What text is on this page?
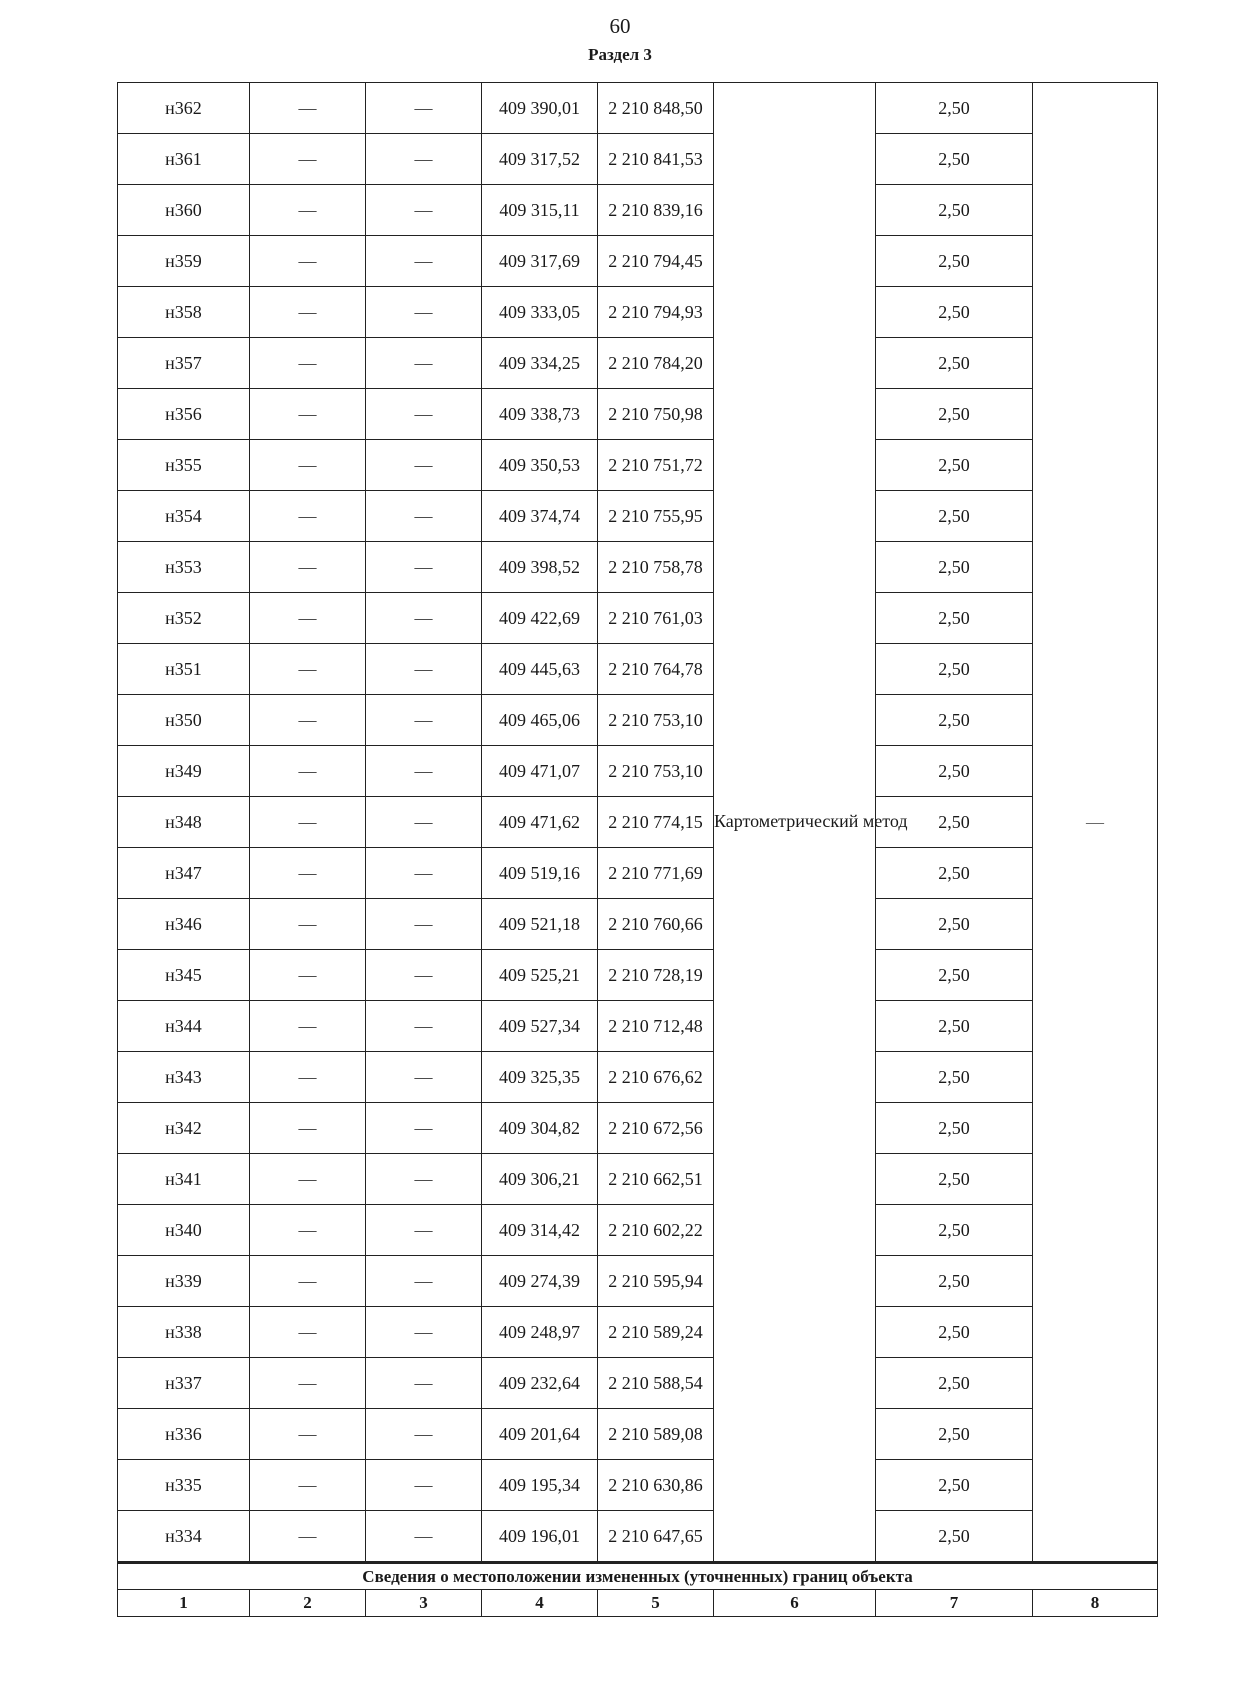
60
Раздел 3
н362	—	—	409 390,01	2 210 848,50	Картометрический метод	2,50	—
н361	—	—	409 317,52	2 210 841,53		2,50	
н360	—	—	409 315,11	2 210 839,16		2,50	
н359	—	—	409 317,69	2 210 794,45		2,50	
н358	—	—	409 333,05	2 210 794,93		2,50	
н357	—	—	409 334,25	2 210 784,20		2,50	
н356	—	—	409 338,73	2 210 750,98		2,50	
н355	—	—	409 350,53	2 210 751,72		2,50	
н354	—	—	409 374,74	2 210 755,95		2,50	
н353	—	—	409 398,52	2 210 758,78		2,50	
н352	—	—	409 422,69	2 210 761,03		2,50	
н351	—	—	409 445,63	2 210 764,78		2,50	
н350	—	—	409 465,06	2 210 753,10		2,50	
н349	—	—	409 471,07	2 210 753,10		2,50	
н348	—	—	409 471,62	2 210 774,15		2,50	
н347	—	—	409 519,16	2 210 771,69		2,50	
н346	—	—	409 521,18	2 210 760,66		2,50	
н345	—	—	409 525,21	2 210 728,19		2,50	
н344	—	—	409 527,34	2 210 712,48		2,50	
н343	—	—	409 325,35	2 210 676,62		2,50	
н342	—	—	409 304,82	2 210 672,56		2,50	
н341	—	—	409 306,21	2 210 662,51		2,50	
н340	—	—	409 314,42	2 210 602,22		2,50	
н339	—	—	409 274,39	2 210 595,94		2,50	
н338	—	—	409 248,97	2 210 589,24		2,50	
н337	—	—	409 232,64	2 210 588,54		2,50	
н336	—	—	409 201,64	2 210 589,08		2,50	
н335	—	—	409 195,34	2 210 630,86		2,50	
н334	—	—	409 196,01	2 210 647,65		2,50	
Сведения о местоположении измененных (уточненных) границ объекта							
1	2	3	4	5	6	7	8
